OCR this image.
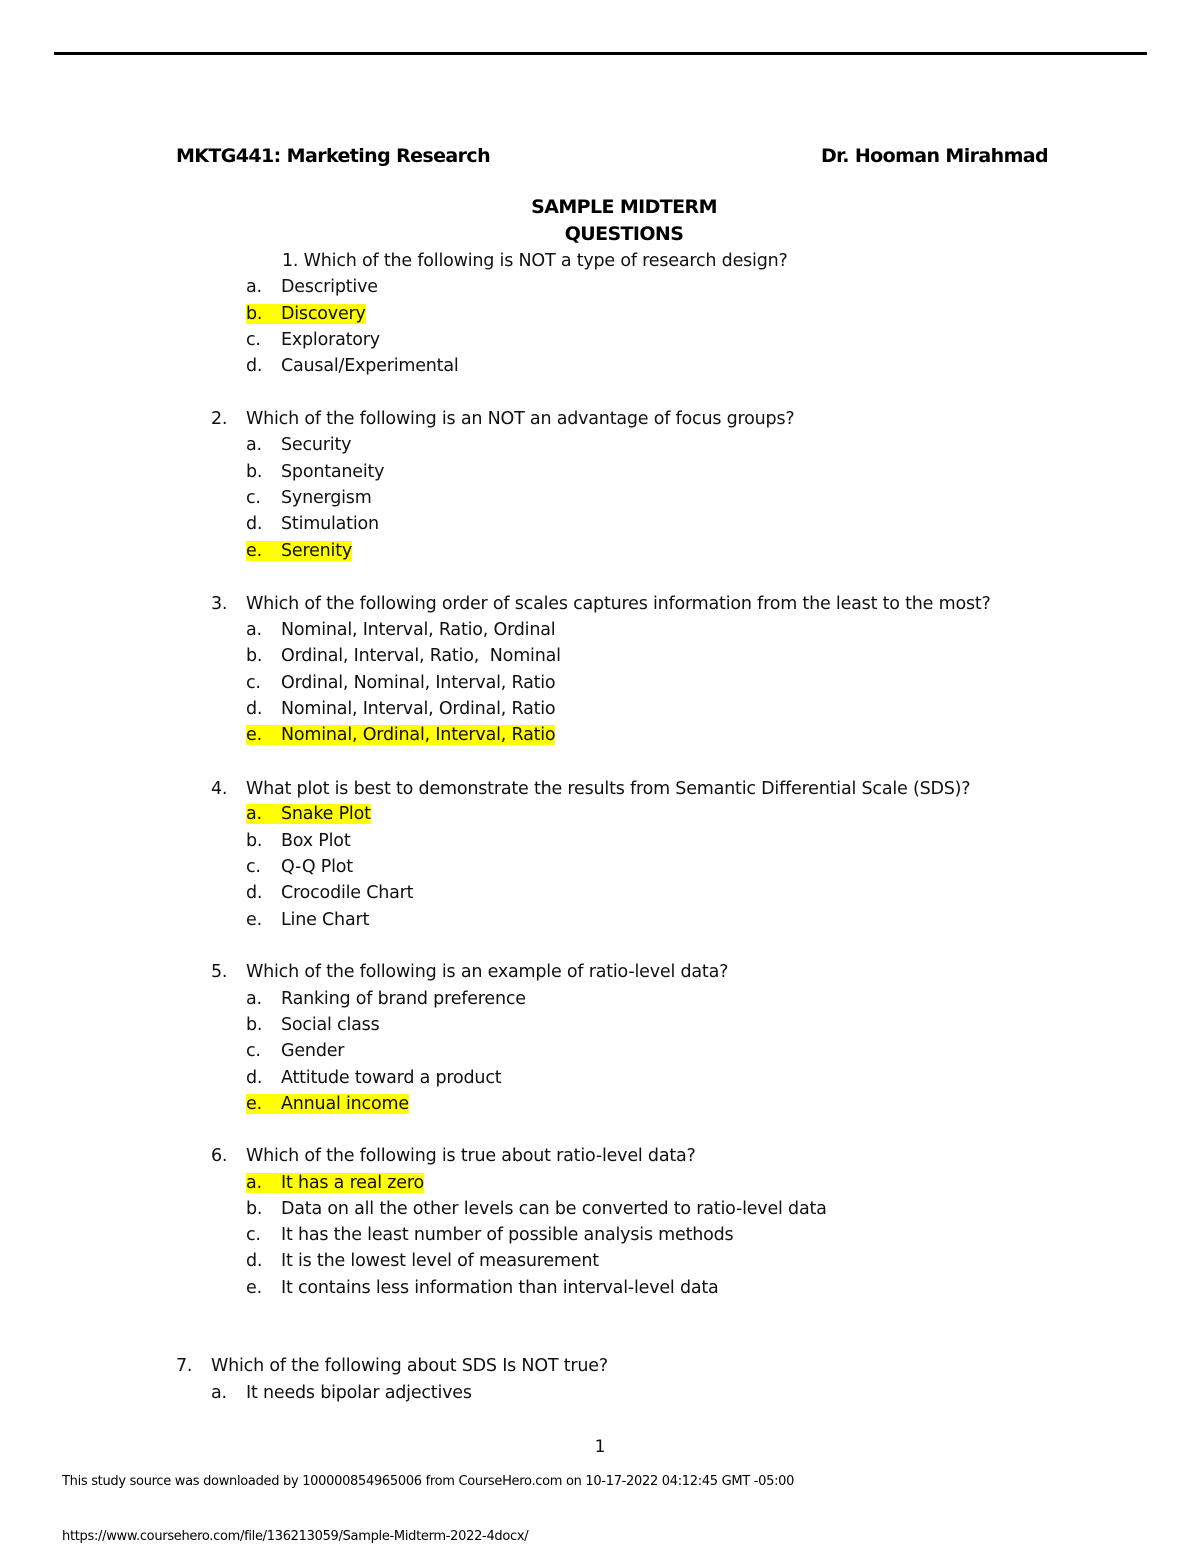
MKTG441: Marketing Research	Dr. Hooman Mirahmad
SAMPLE MIDTERM
QUESTIONS
1. Which of the following is NOT a type of research design?
a. Descriptive
b. Discovery
c. Exploratory
d. Causal/Experimental
2. Which of the following is an NOT an advantage of focus groups?
a. Security
b. Spontaneity
c. Synergism
d. Stimulation
e. Serenity
3. Which of the following order of scales captures information from the least to the most?
a. Nominal, Interval, Ratio, Ordinal
b. Ordinal, Interval, Ratio,  Nominal
c. Ordinal, Nominal, Interval, Ratio
d. Nominal, Interval, Ordinal, Ratio
e. Nominal, Ordinal, Interval, Ratio
4. What plot is best to demonstrate the results from Semantic Differential Scale (SDS)?
a. Snake Plot
b. Box Plot
c. Q-Q Plot
d. Crocodile Chart
e. Line Chart
5. Which of the following is an example of ratio-level data?
a. Ranking of brand preference
b. Social class
c. Gender
d. Attitude toward a product
e. Annual income
6. Which of the following is true about ratio-level data?
a. It has a real zero
b. Data on all the other levels can be converted to ratio-level data
c. It has the least number of possible analysis methods
d. It is the lowest level of measurement
e. It contains less information than interval-level data
7. Which of the following about SDS Is NOT true?
a. It needs bipolar adjectives
1
This study source was downloaded by 100000854965006 from CourseHero.com on 10-17-2022 04:12:45 GMT -05:00
https://www.coursehero.com/file/136213059/Sample-Midterm-2022-4docx/
